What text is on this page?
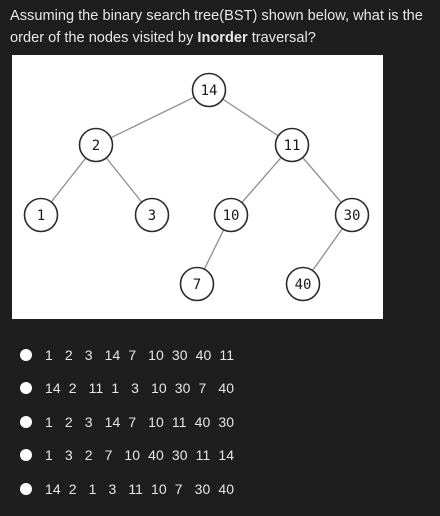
Assuming the binary search tree(BST) shown below, what is the order of the nodes visited by Inorder traversal?
14
2	11
1	3	10	30
7	40
1   2   3   14  7   10  30  40  11
14  2   11  1   3   10  30  7   40
1   2   3   14  7   10  11  40  30
1   3   2   7   10  40  30  11  14
14  2   1   3   11  10  7   30  40
